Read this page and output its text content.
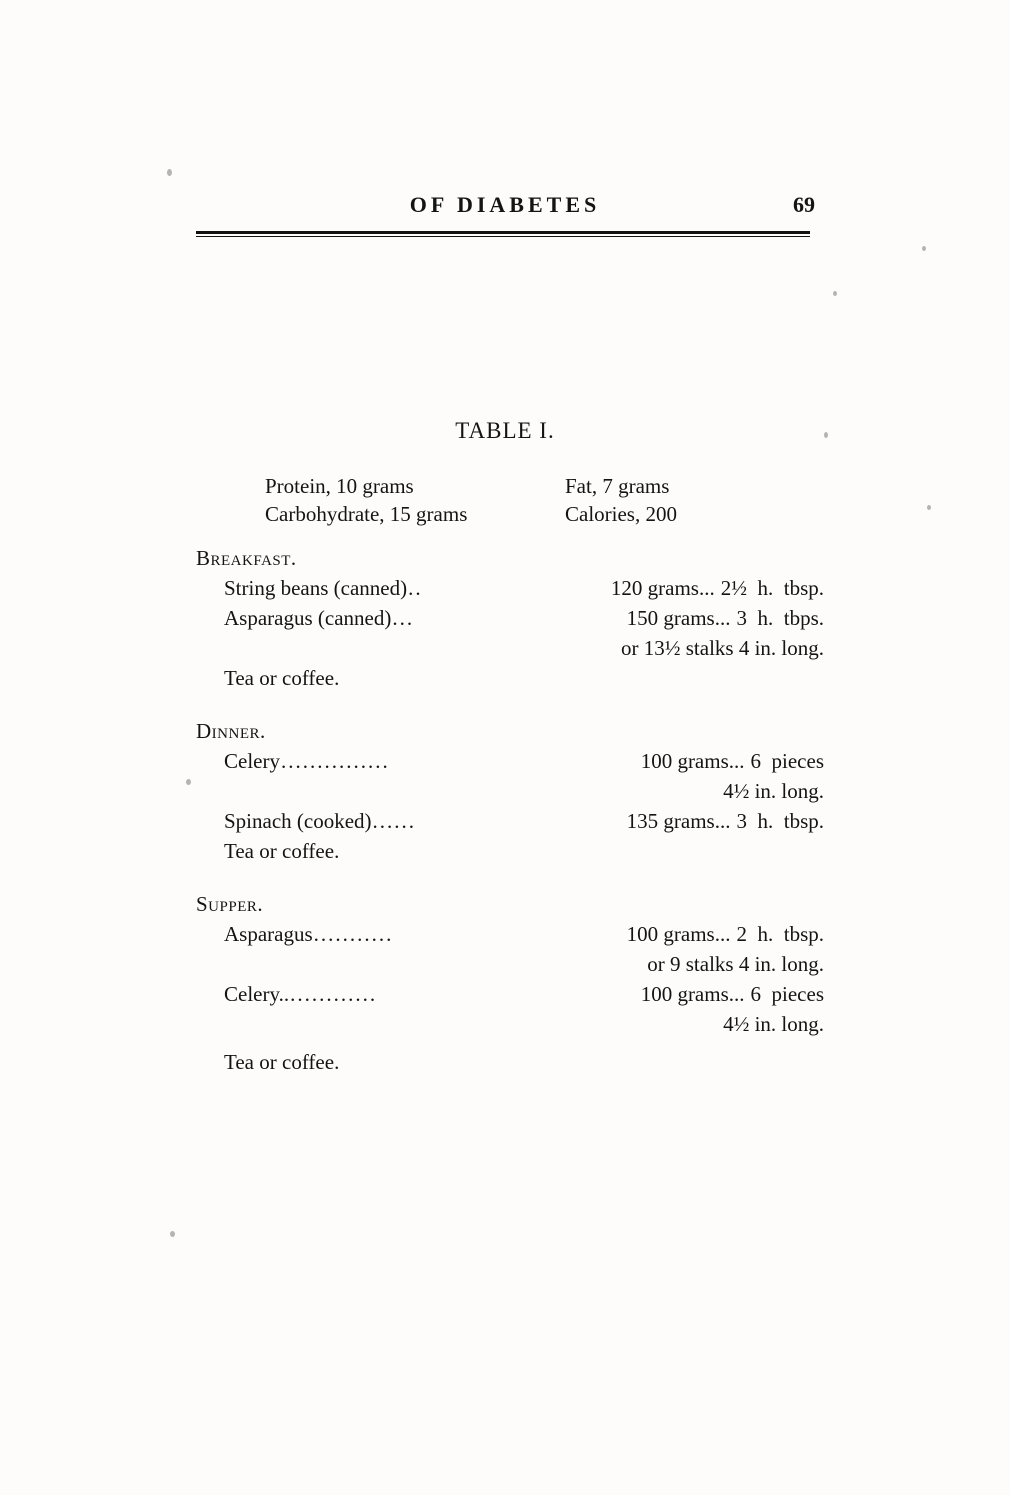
OF DIABETES	69
TABLE I.
Protein, 10 grams	Fat, 7 grams
Carbohydrate, 15 grams	Calories, 200
Breakfast.
String beans (canned) ..	120 grams... 2½  h.  tbsp.
Asparagus (canned) ...	150 grams... 3  h.  tbps.
or 13½ stalks 4 in. long.
Tea or coffee.
Dinner.
Celery ...............	100 grams... 6  pieces
4½ in. long.
Spinach (cooked) ......	135 grams... 3  h.  tbsp.
Tea or coffee.
Supper.
Asparagus ...........	100 grams... 2  h.  tbsp.
or 9 stalks 4 in. long.
Celery.. ............	100 grams... 6  pieces
4½ in. long.
Tea or coffee.
